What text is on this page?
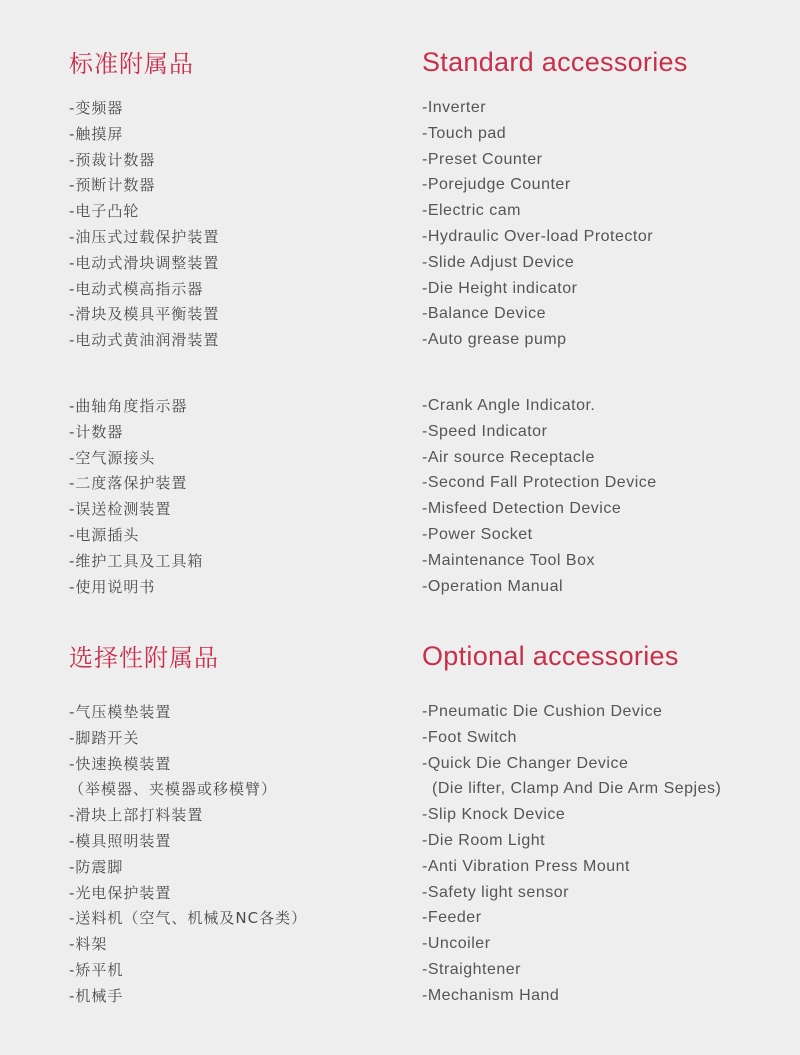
标准附属品	Standard accessories
-变频器
-触摸屏
-预裁计数器
-预断计数器
-电子凸轮
-油压式过载保护装置
-电动式滑块调整装置
-电动式模高指示器
-滑块及模具平衡装置
-电动式黄油润滑装置
-Inverter
-Touch pad
-Preset Counter
-Porejudge Counter
-Electric cam
-Hydraulic Over-load Protector
-Slide Adjust Device
-Die Height indicator
-Balance Device
-Auto grease pump
-曲轴角度指示器
-计数器
-空气源接头
-二度落保护装置
-误送检测装置
-电源插头
-维护工具及工具箱
-使用说明书
-Crank Angle Indicator.
-Speed Indicator
-Air source Receptacle
-Second Fall Protection Device
-Misfeed Detection Device
-Power Socket
-Maintenance Tool Box
-Operation Manual
选择性附属品	Optional accessories
-气压模垫装置
-脚踏开关
-快速换模装置
（举模器、夹模器或移模臂）
-滑块上部打料装置
-模具照明装置
-防震脚
-光电保护装置
-送料机（空气、机械及NC各类）
-料架
-矫平机
-机械手
-Pneumatic Die Cushion Device
-Foot Switch
-Quick Die Changer Device
(Die lifter, Clamp And Die Arm Sepjes)
-Slip Knock Device
-Die Room Light
-Anti Vibration Press Mount
-Safety light sensor
-Feeder
-Uncoiler
-Straightener
-Mechanism Hand
